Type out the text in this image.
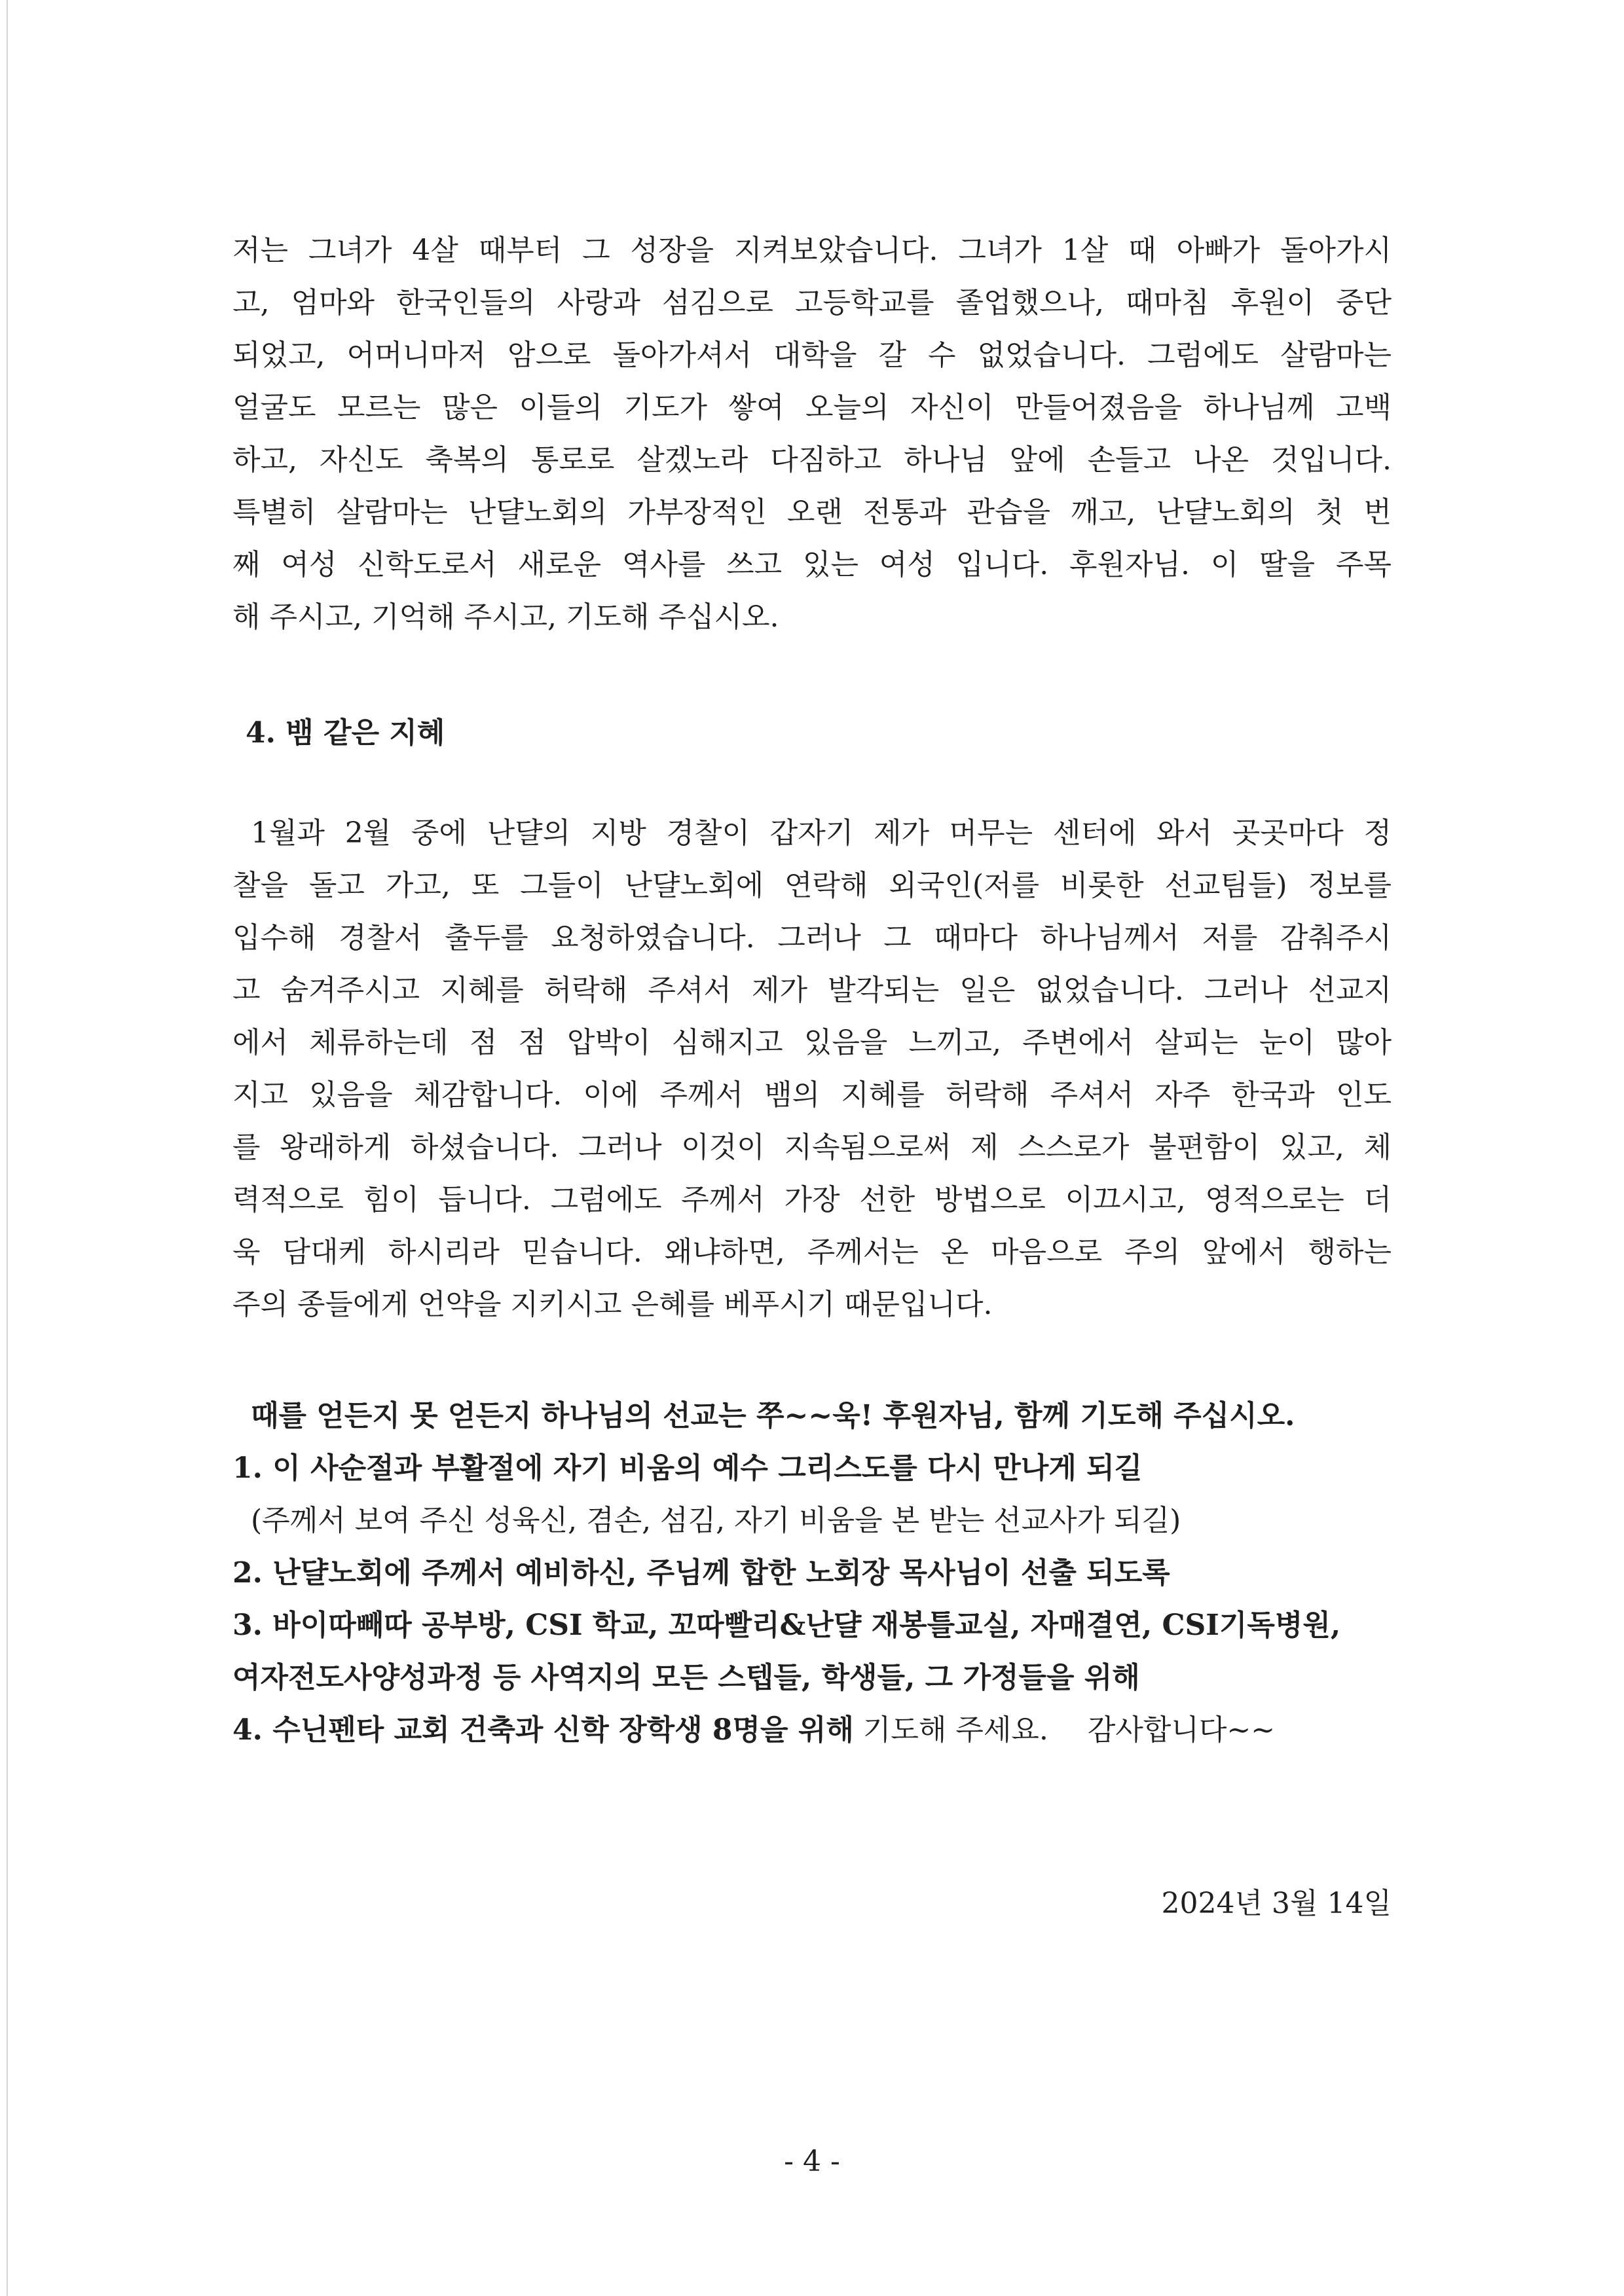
저는 그녀가 4살 때부터 그 성장을 지켜보았습니다. 그녀가 1살 때 아빠가 돌아가시
고, 엄마와 한국인들의 사랑과 섬김으로 고등학교를 졸업했으나, 때마침 후원이 중단
되었고, 어머니마저 암으로 돌아가셔서 대학을 갈 수 없었습니다. 그럼에도 살람마는
얼굴도 모르는 많은 이들의 기도가 쌓여 오늘의 자신이 만들어졌음을 하나님께 고백
하고, 자신도 축복의 통로로 살겠노라 다짐하고 하나님 앞에 손들고 나온 것입니다.
특별히 살람마는 난댤노회의 가부장적인 오랜 전통과 관습을 깨고, 난댤노회의 첫 번
째 여성 신학도로서 새로운 역사를 쓰고 있는 여성 입니다. 후원자님. 이 딸을 주목
해 주시고, 기억해 주시고, 기도해 주십시오.
4. 뱀 같은 지혜
1월과 2월 중에 난댤의 지방 경찰이 갑자기 제가 머무는 센터에 와서 곳곳마다 정
찰을 돌고 가고, 또 그들이 난댤노회에 연락해 외국인(저를 비롯한 선교팀들) 정보를
입수해 경찰서 출두를 요청하였습니다. 그러나 그 때마다 하나님께서 저를 감춰주시
고 숨겨주시고 지혜를 허락해 주셔서 제가 발각되는 일은 없었습니다. 그러나 선교지
에서 체류하는데 점 점 압박이 심해지고 있음을 느끼고, 주변에서 살피는 눈이 많아
지고 있음을 체감합니다. 이에 주께서 뱀의 지혜를 허락해 주셔서 자주 한국과 인도
를 왕래하게 하셨습니다. 그러나 이것이 지속됨으로써 제 스스로가 불편함이 있고, 체
력적으로 힘이 듭니다. 그럼에도 주께서 가장 선한 방법으로 이끄시고, 영적으로는 더
욱 담대케 하시리라 믿습니다. 왜냐하면, 주께서는 온 마음으로 주의 앞에서 행하는
주의 종들에게 언약을 지키시고 은혜를 베푸시기 때문입니다.
때를 얻든지 못 얻든지 하나님의 선교는 쭈~~욱! 후원자님, 함께 기도해 주십시오.
1. 이 사순절과 부활절에 자기 비움의 예수 그리스도를 다시 만나게 되길
(주께서 보여 주신 성육신, 겸손, 섬김, 자기 비움을 본 받는 선교사가 되길)
2. 난댤노회에 주께서 예비하신, 주님께 합한 노회장 목사님이 선출 되도록
3. 바이따빼따 공부방, CSI 학교, 꼬따빨리&난댤 재봉틀교실, 자매결연, CSI기독병원,
여자전도사양성과정 등 사역지의 모든 스텝들, 학생들, 그 가정들을 위해
4. 수닌펜타 교회 건축과 신학 장학생 8명을 위해 기도해 주세요. 감사합니다~~
2024년 3월 14일
- 4 -
